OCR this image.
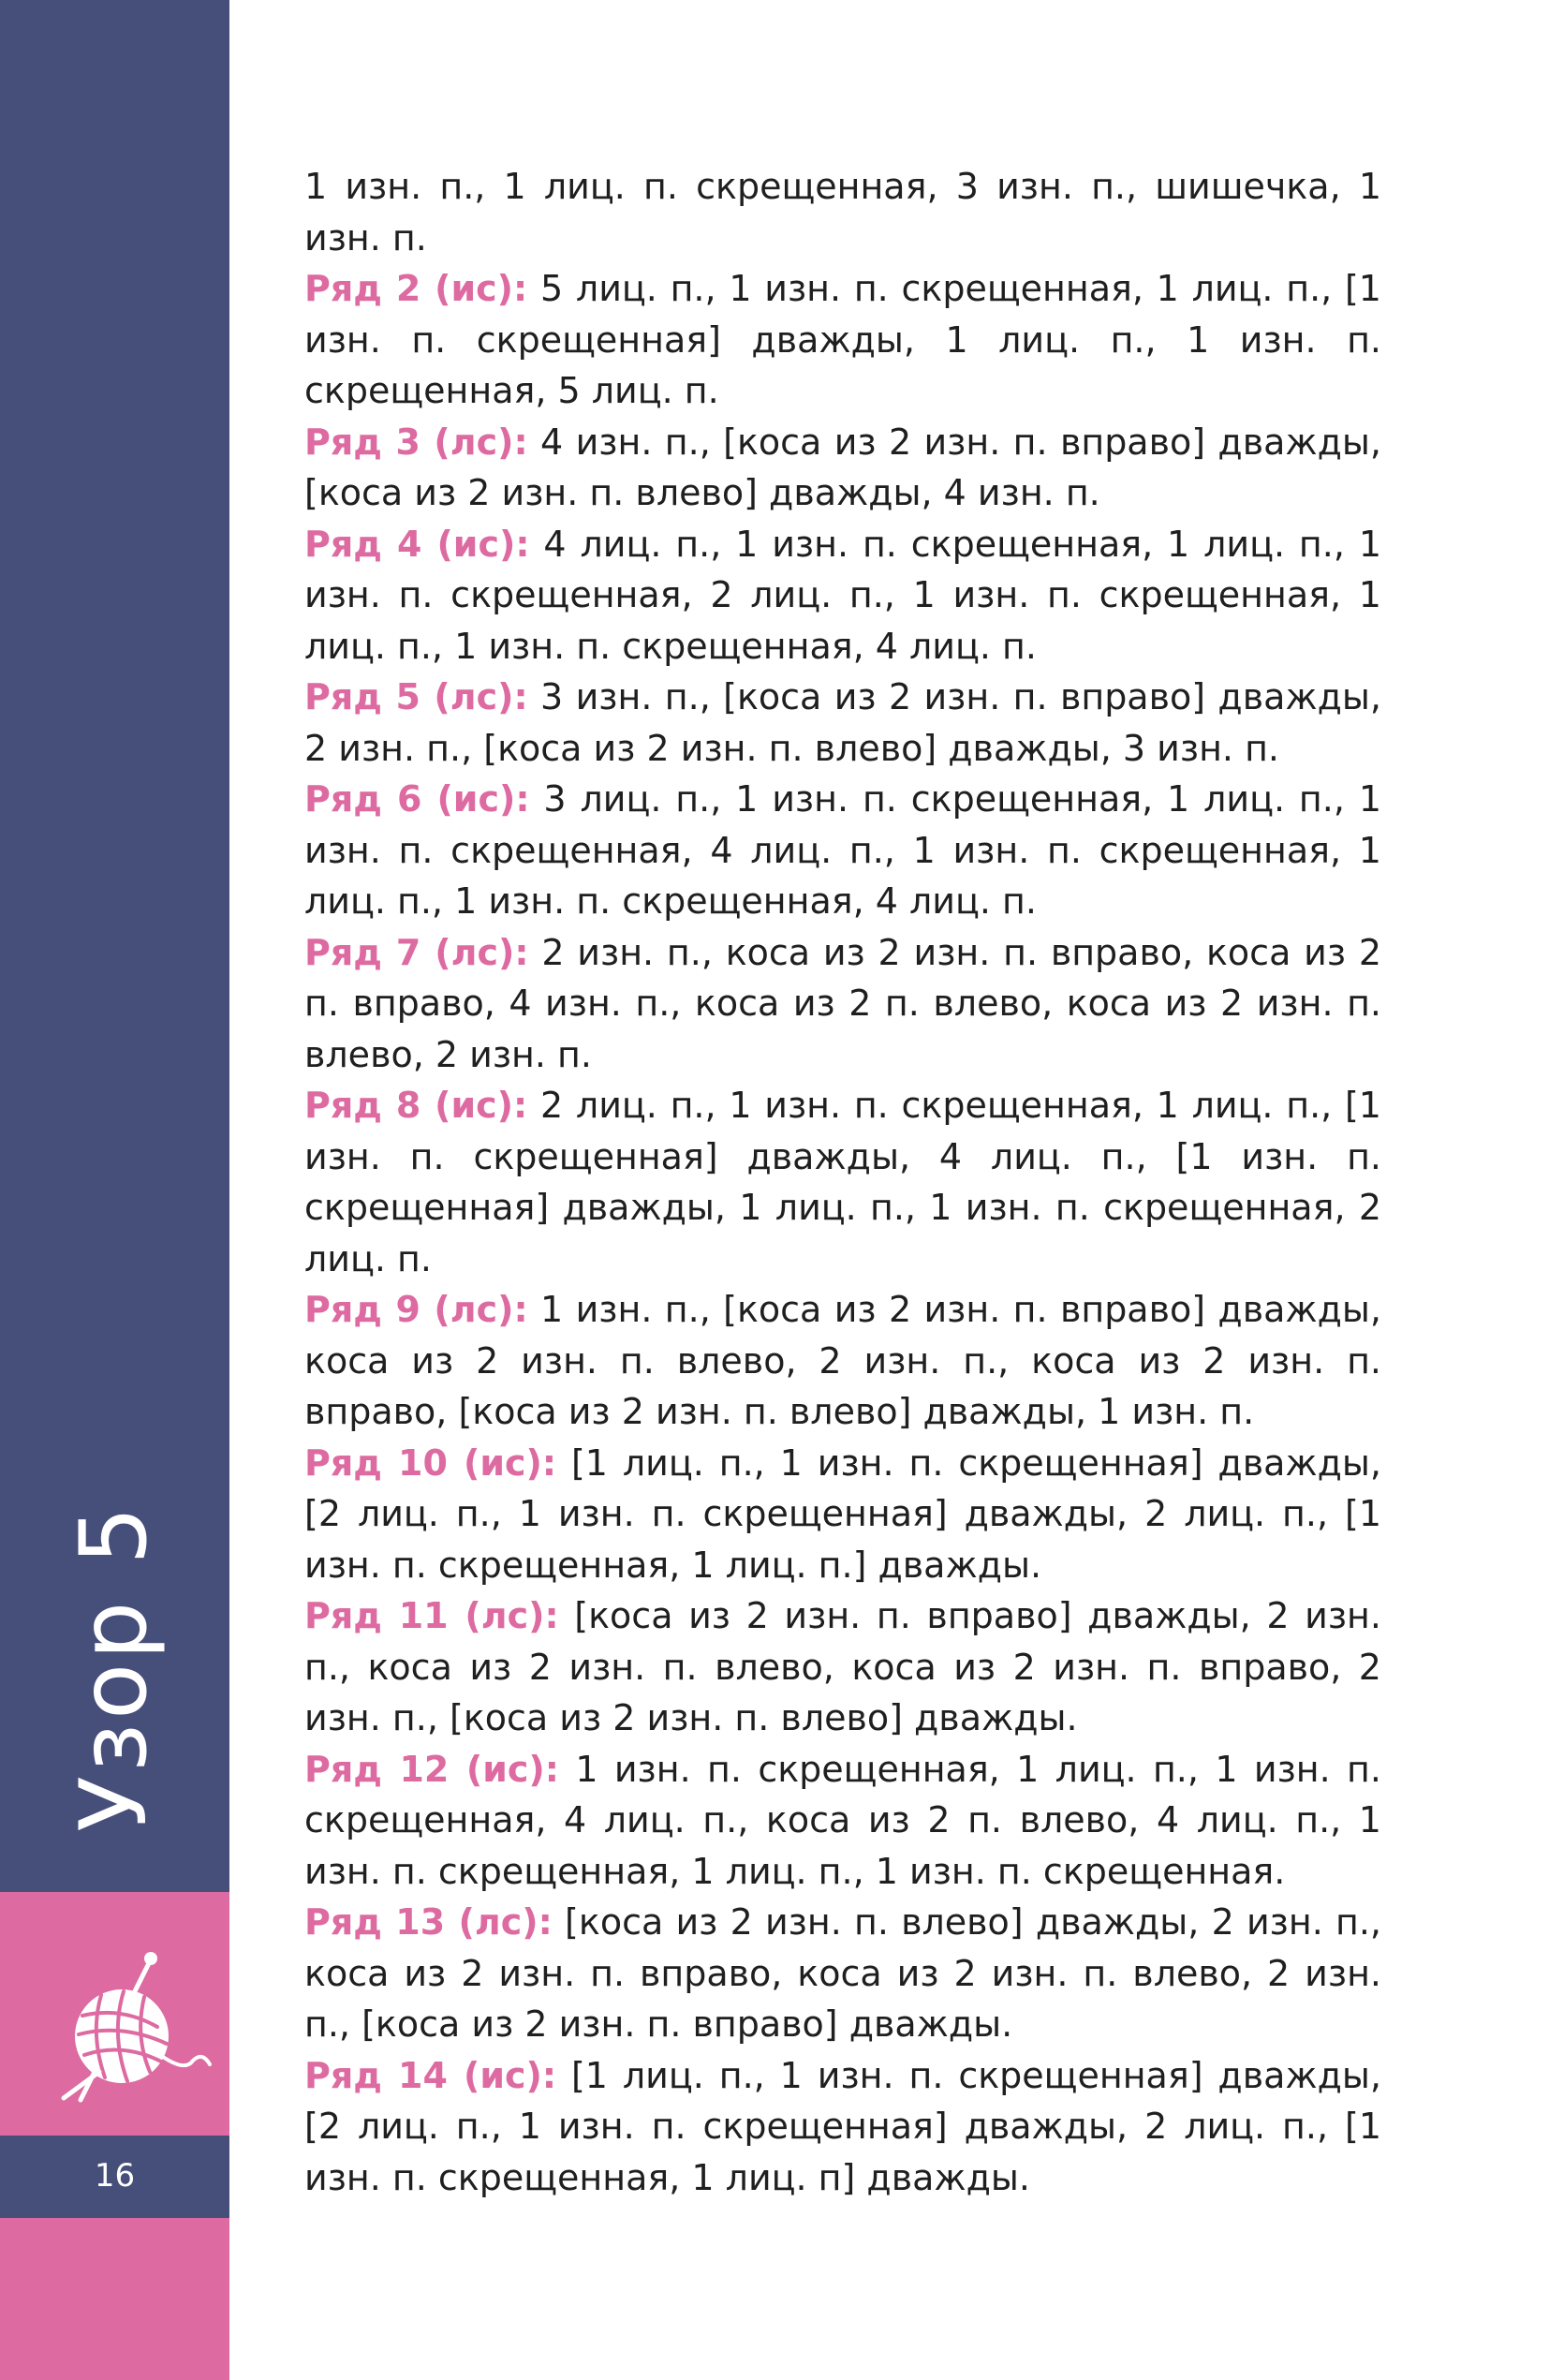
Узор 5
16

1 изн. п., 1 лиц. п. скрещенная, 3 изн. п., шишечка, 1 изн. п.

Ряд 2 (ис): 5 лиц. п., 1 изн. п. скрещенная, 1 лиц. п., [1 изн. п. скрещенная] дважды, 1 лиц. п., 1 изн. п. скрещенная, 5 лиц. п.

Ряд 3 (лс): 4 изн. п., [коса из 2 изн. п. вправо] дважды, [коса из 2 изн. п. влево] дважды, 4 изн. п.

Ряд 4 (ис): 4 лиц. п., 1 изн. п. скрещенная, 1 лиц. п., 1 изн. п. скрещенная, 2 лиц. п., 1 изн. п. скрещенная, 1 лиц. п., 1 изн. п. скрещенная, 4 лиц. п.

Ряд 5 (лс): 3 изн. п., [коса из 2 изн. п. вправо] дважды, 2 изн. п., [коса из 2 изн. п. влево] дважды, 3 изн. п.

Ряд 6 (ис): 3 лиц. п., 1 изн. п. скрещенная, 1 лиц. п., 1 изн. п. скрещенная, 4 лиц. п., 1 изн. п. скрещенная, 1 лиц. п., 1 изн. п. скрещенная, 4 лиц. п.

Ряд 7 (лс): 2 изн. п., коса из 2 изн. п. вправо, коса из 2 п. вправо, 4 изн. п., коса из 2 п. влево, коса из 2 изн. п. влево, 2 изн. п.

Ряд 8 (ис): 2 лиц. п., 1 изн. п. скрещенная, 1 лиц. п., [1 изн. п. скрещенная] дважды, 4 лиц. п., [1 изн. п. скрещенная] дважды, 1 лиц. п., 1 изн. п. скрещенная, 2 лиц. п.

Ряд 9 (лс): 1 изн. п., [коса из 2 изн. п. вправо] дважды, коса из 2 изн. п. влево, 2 изн. п., коса из 2 изн. п. вправо, [коса из 2 изн. п. влево] дважды, 1 изн. п.

Ряд 10 (ис): [1 лиц. п., 1 изн. п. скрещенная] дважды, [2 лиц. п., 1 изн. п. скрещенная] дважды, 2 лиц. п., [1 изн. п. скрещенная, 1 лиц. п.] дважды.

Ряд 11 (лс): [коса из 2 изн. п. вправо] дважды, 2 изн. п., коса из 2 изн. п. влево, коса из 2 изн. п. вправо, 2 изн. п., [коса из 2 изн. п. влево] дважды.

Ряд 12 (ис): 1 изн. п. скрещенная, 1 лиц. п., 1 изн. п. скрещенная, 4 лиц. п., коса из 2 п. влево, 4 лиц. п., 1 изн. п. скрещенная, 1 лиц. п., 1 изн. п. скрещенная.

Ряд 13 (лс): [коса из 2 изн. п. влево] дважды, 2 изн. п., коса из 2 изн. п. вправо, коса из 2 изн. п. влево, 2 изн. п., [коса из 2 изн. п. вправо] дважды.

Ряд 14 (ис): [1 лиц. п., 1 изн. п. скрещенная] дважды, [2 лиц. п., 1 изн. п. скрещенная] дважды, 2 лиц. п., [1 изн. п. скрещенная, 1 лиц. п] дважды.
